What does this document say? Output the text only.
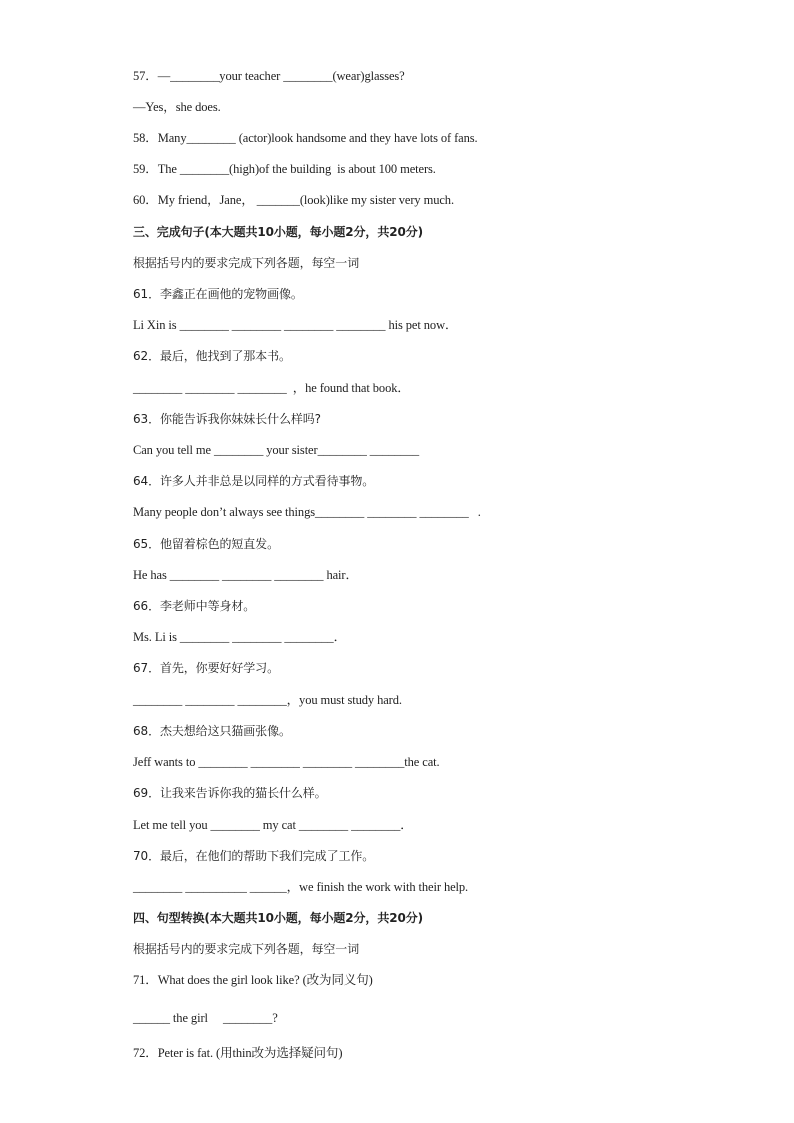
57．—________your teacher ________(wear)glasses?
—Yes，she does.
58．Many________ (actor)look handsome and they have lots of fans.
59．The ________(high)of the building  is about 100 meters.
60．My friend，Jane， _______(look)like my sister very much.
三、完成句子(本大题共10小题，每小题2分，共20分)
根据括号内的要求完成下列各题，每空一词
61．李鑫正在画他的宠物画像。
Li Xin is ________ ________ ________ ________ his pet now．
62．最后，他找到了那本书。
________ ________ ________  ，he found that book．
63．你能告诉我你妹妹长什么样吗?
Can you tell me ________ your sister________ ________
64．许多人并非总是以同样的方式看待事物。
Many people don’t always see things________ ________ ________   .
65．他留着棕色的短直发。
He has ________ ________ ________ hair．
66．李老师中等身材。
Ms. Li is ________ ________ ________．
67．首先，你要好好学习。
________ ________ ________，you must study hard.
68．杰夫想给这只猫画张像。
Jeff wants to ________ ________ ________ ________the cat.
69．让我来告诉你我的猫长什么样。
Let me tell you ________ my cat ________ ________．
70．最后，在他们的帮助下我们完成了工作。
________ __________ ______，we finish the work with their help.
四、句型转换(本大题共10小题，每小题2分，共20分)
根据括号内的要求完成下列各题，每空一词
71．What does the girl look like? (改为同义句)
______ the girl     ________?
72．Peter is fat. (用thin改为选择疑问句)
